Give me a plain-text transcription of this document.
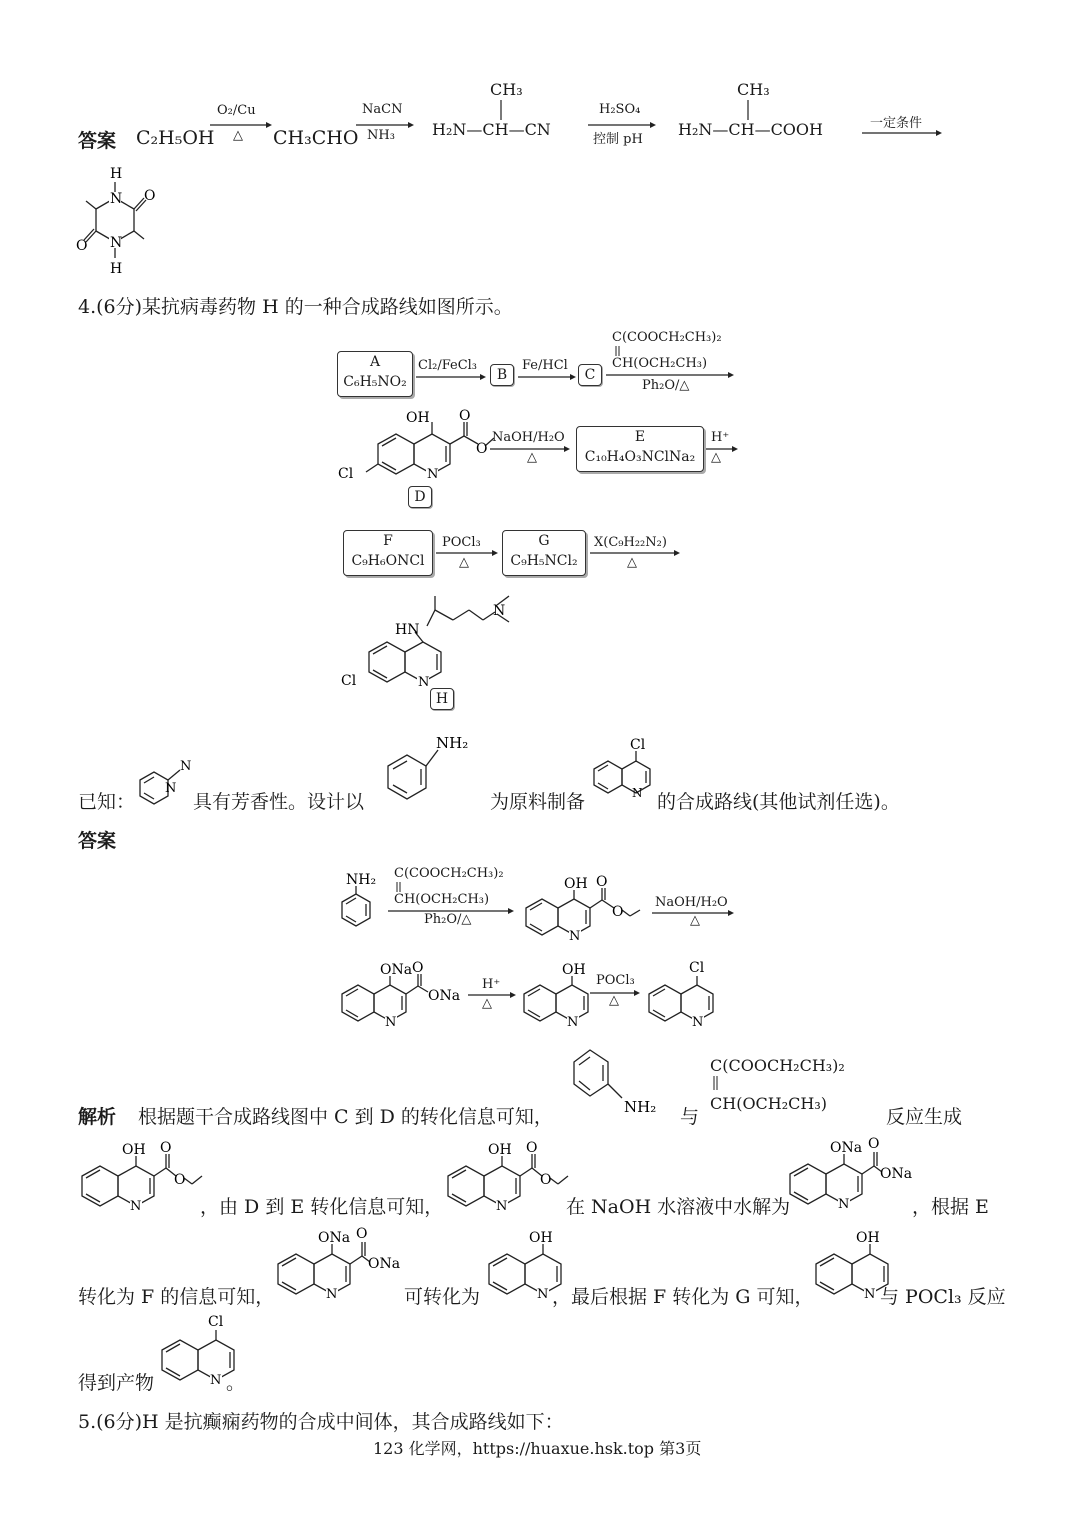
答案 C₂H₅OH
O₂/Cu
△ CH₃CHO
NaCN
NH₃
CH₃
H₂N—CH—CN
H₂SO₄
控制 pH
CH₃
H₂N—CH—COOH	一定条件
N
N
H
H
O
O
4.(6分)某抗病毒药物 H 的一种合成路线如图所示。
A
C₆H₅NO₂
Cl₂/FeCl₃
B
Fe/HCl
C
C(COOCH₂CH₃)₂
CH(OCH₂CH₃)
Ph₂O/△
N
OH O
O
Cl
D
NaOH/H₂O
△
E
C₁₀H₄O₃NClNa₂
H⁺
△
F
C₉H₆ONCl
POCl₃
△
G
C₉H₅NCl₂
X(C₉H₂₂N₂)
△
N
HN
N
Cl
H
已知：
N
N
具有芳香性。设计以
NH₂
为原料制备
Cl
N 的合成路线(其他试剂任选)。
答案
NH₂ C(COOCH₂CH₃)₂
CH(OCH₂CH₃)
Ph₂O/△
N
OH O
O
NaOH/H₂O
△
N
ONa O
ONa
H⁺
△
N
OH
POCl₃
△
N
Cl
解析 根据题干合成路线图中 C 到 D 的转化信息可知，	NH₂ 与
C(COOCH₂CH₃)₂
CH(OCH₂CH₃)
反应生成
N
OH O
O
，由 D 到 E 转化信息可知，	N
OH O
O
在 NaOH 水溶液中水解为	N
ONa O
ONa
，根据 E
转化为 F 的信息可知，	N
ONa O
ONa
可转化为	N
OH
，最后根据 F 转化为 G 可知，	N
OH
与 POCl₃ 反应
得到产物	N
Cl
。
5.(6分)H 是抗癫痫药物的合成中间体，其合成路线如下：
123 化学网，https://huaxue.hsk.top 第3页
